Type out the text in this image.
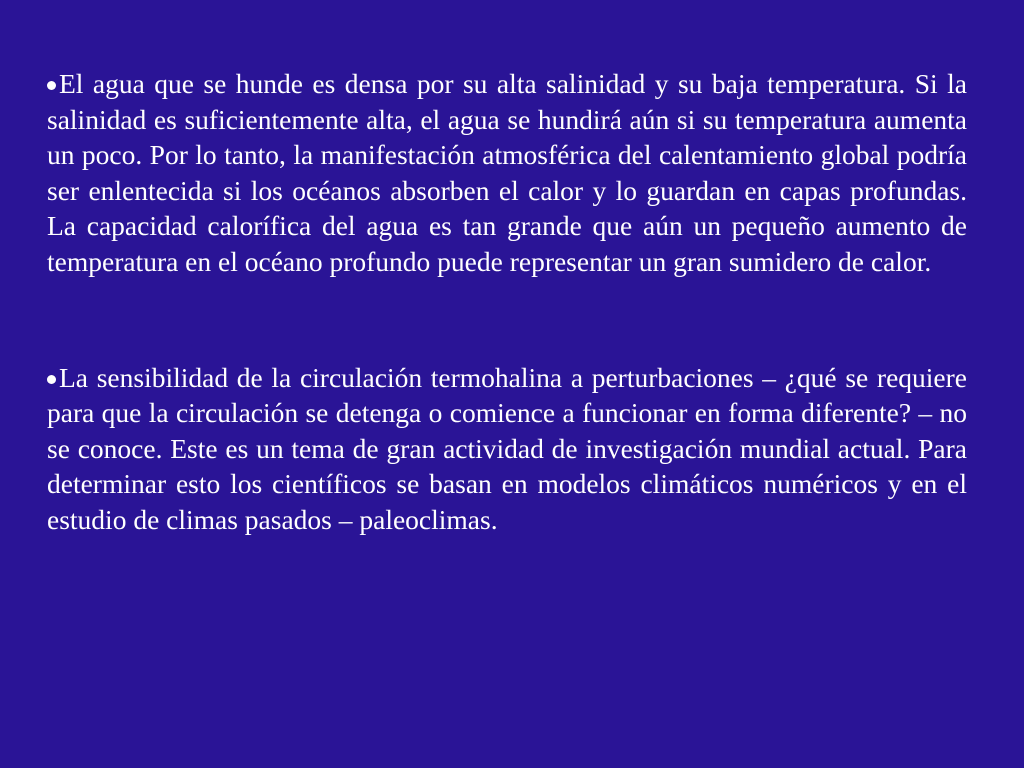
El agua que se hunde es densa por su alta salinidad y su baja temperatura. Si la salinidad es suficientemente alta, el agua se hundirá aún si su temperatura aumenta un poco. Por lo tanto, la manifestación atmosférica del calentamiento global podría ser enlentecida si los océanos absorben el calor y lo guardan en capas profundas. La capacidad calorífica del agua es tan grande que aún un pequeño aumento de temperatura en el océano profundo puede representar un gran sumidero de calor.

La sensibilidad de la circulación termohalina a perturbaciones – ¿qué se requiere para que la circulación se detenga o comience a funcionar en forma diferente? – no se conoce. Este es un tema de gran actividad de investigación mundial actual. Para determinar esto los científicos se basan en modelos climáticos numéricos y en el estudio de climas pasados – paleoclimas.
